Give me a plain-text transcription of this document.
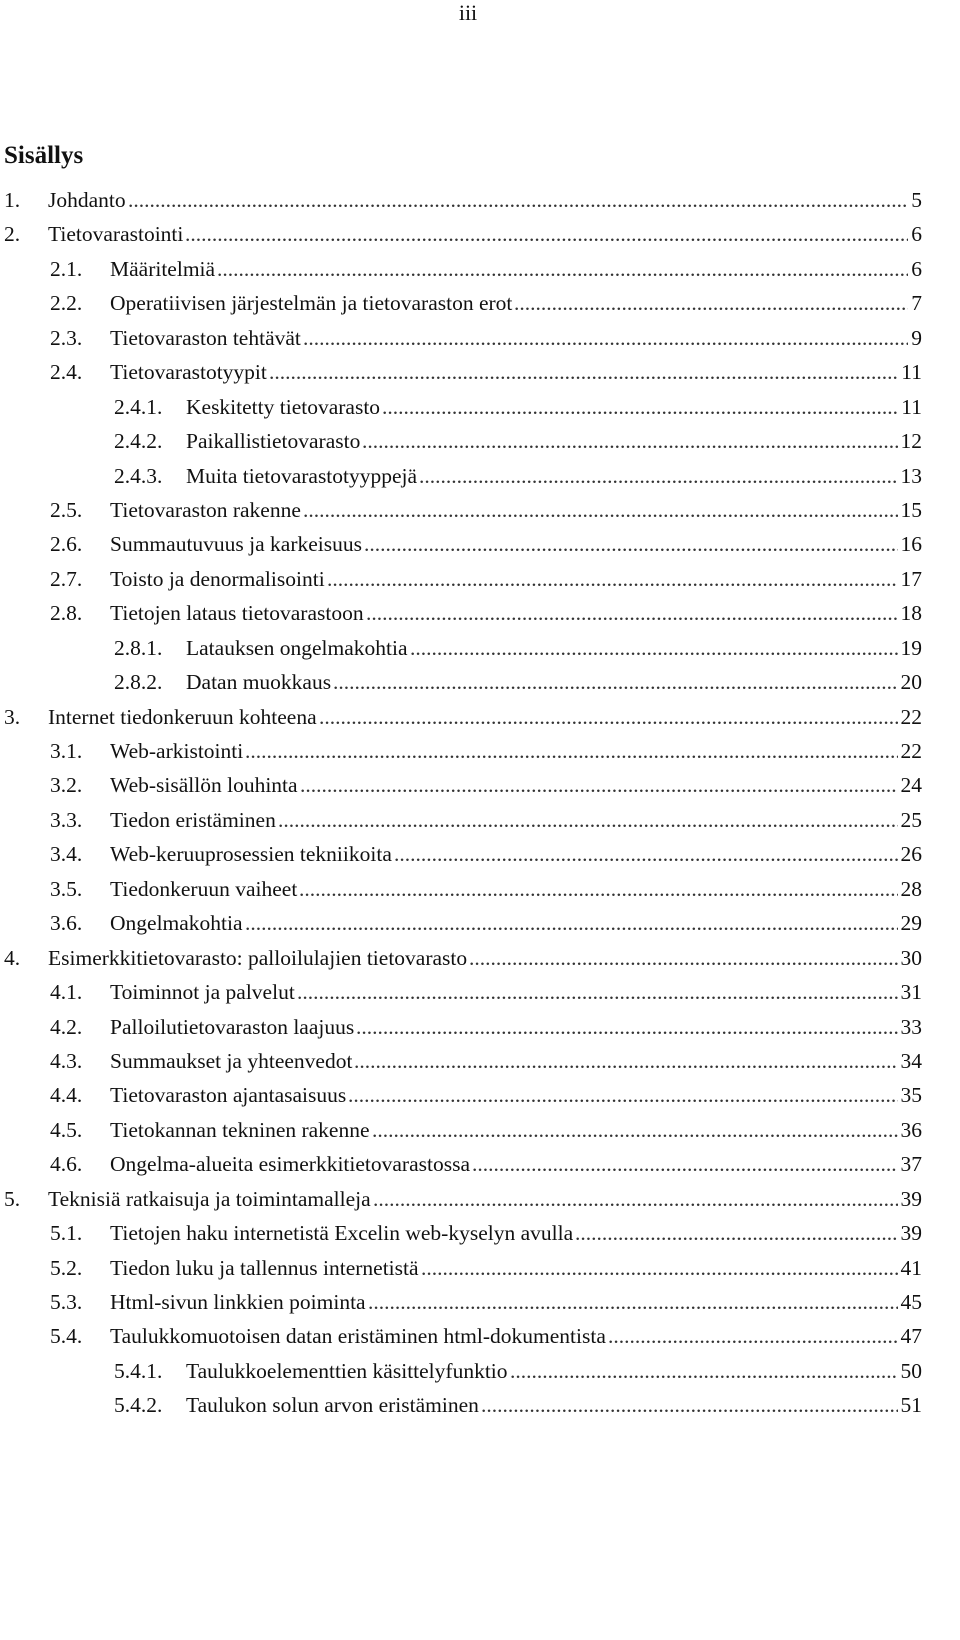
iii
Sisällys
1. ..... Johdanto	5
2. ..... Tietovarastointi	6
2.1. ..... Määritelmiä	6
2.2. ..... Operatiivisen järjestelmän ja tietovaraston erot	7
2.3. ..... Tietovaraston tehtävät	9
2.4. ..... Tietovarastotyypit	11
2.4.1. ..... Keskitetty tietovarasto	11
2.4.2. ..... Paikallistietovarasto	12
2.4.3. ..... Muita tietovarastotyyppejä	13
2.5. ..... Tietovaraston rakenne	15
2.6. ..... Summautuvuus ja karkeisuus	16
2.7. ..... Toisto ja denormalisointi	17
2.8. ..... Tietojen lataus tietovarastoon	18
2.8.1. ..... Latauksen ongelmakohtia	19
2.8.2. ..... Datan muokkaus	20
3. ..... Internet tiedonkeruun kohteena	22
3.1. ..... Web-arkistointi	22
3.2. ..... Web-sisällön louhinta	24
3.3. ..... Tiedon eristäminen	25
3.4. ..... Web-keruuprosessien tekniikoita	26
3.5. ..... Tiedonkeruun vaiheet	28
3.6. ..... Ongelmakohtia	29
4. ..... Esimerkkitietovarasto: palloilulajien tietovarasto	30
4.1. ..... Toiminnot ja palvelut	31
4.2. ..... Palloilutietovaraston laajuus	33
4.3. ..... Summaukset ja yhteenvedot	34
4.4. ..... Tietovaraston ajantasaisuus	35
4.5. ..... Tietokannan tekninen rakenne	36
4.6. ..... Ongelma-alueita esimerkkitietovarastossa	37
5. ..... Teknisiä ratkaisuja ja toimintamalleja	39
5.1. ..... Tietojen haku internetistä Excelin web-kyselyn avulla	39
5.2. ..... Tiedon luku ja tallennus internetistä	41
5.3. ..... Html-sivun linkkien poiminta	45
5.4. ..... Taulukkomuotoisen datan eristäminen html-dokumentista	47
5.4.1. ..... Taulukkoelementtien käsittelyfunktio	50
5.4.2. ..... Taulukon solun arvon eristäminen	51
